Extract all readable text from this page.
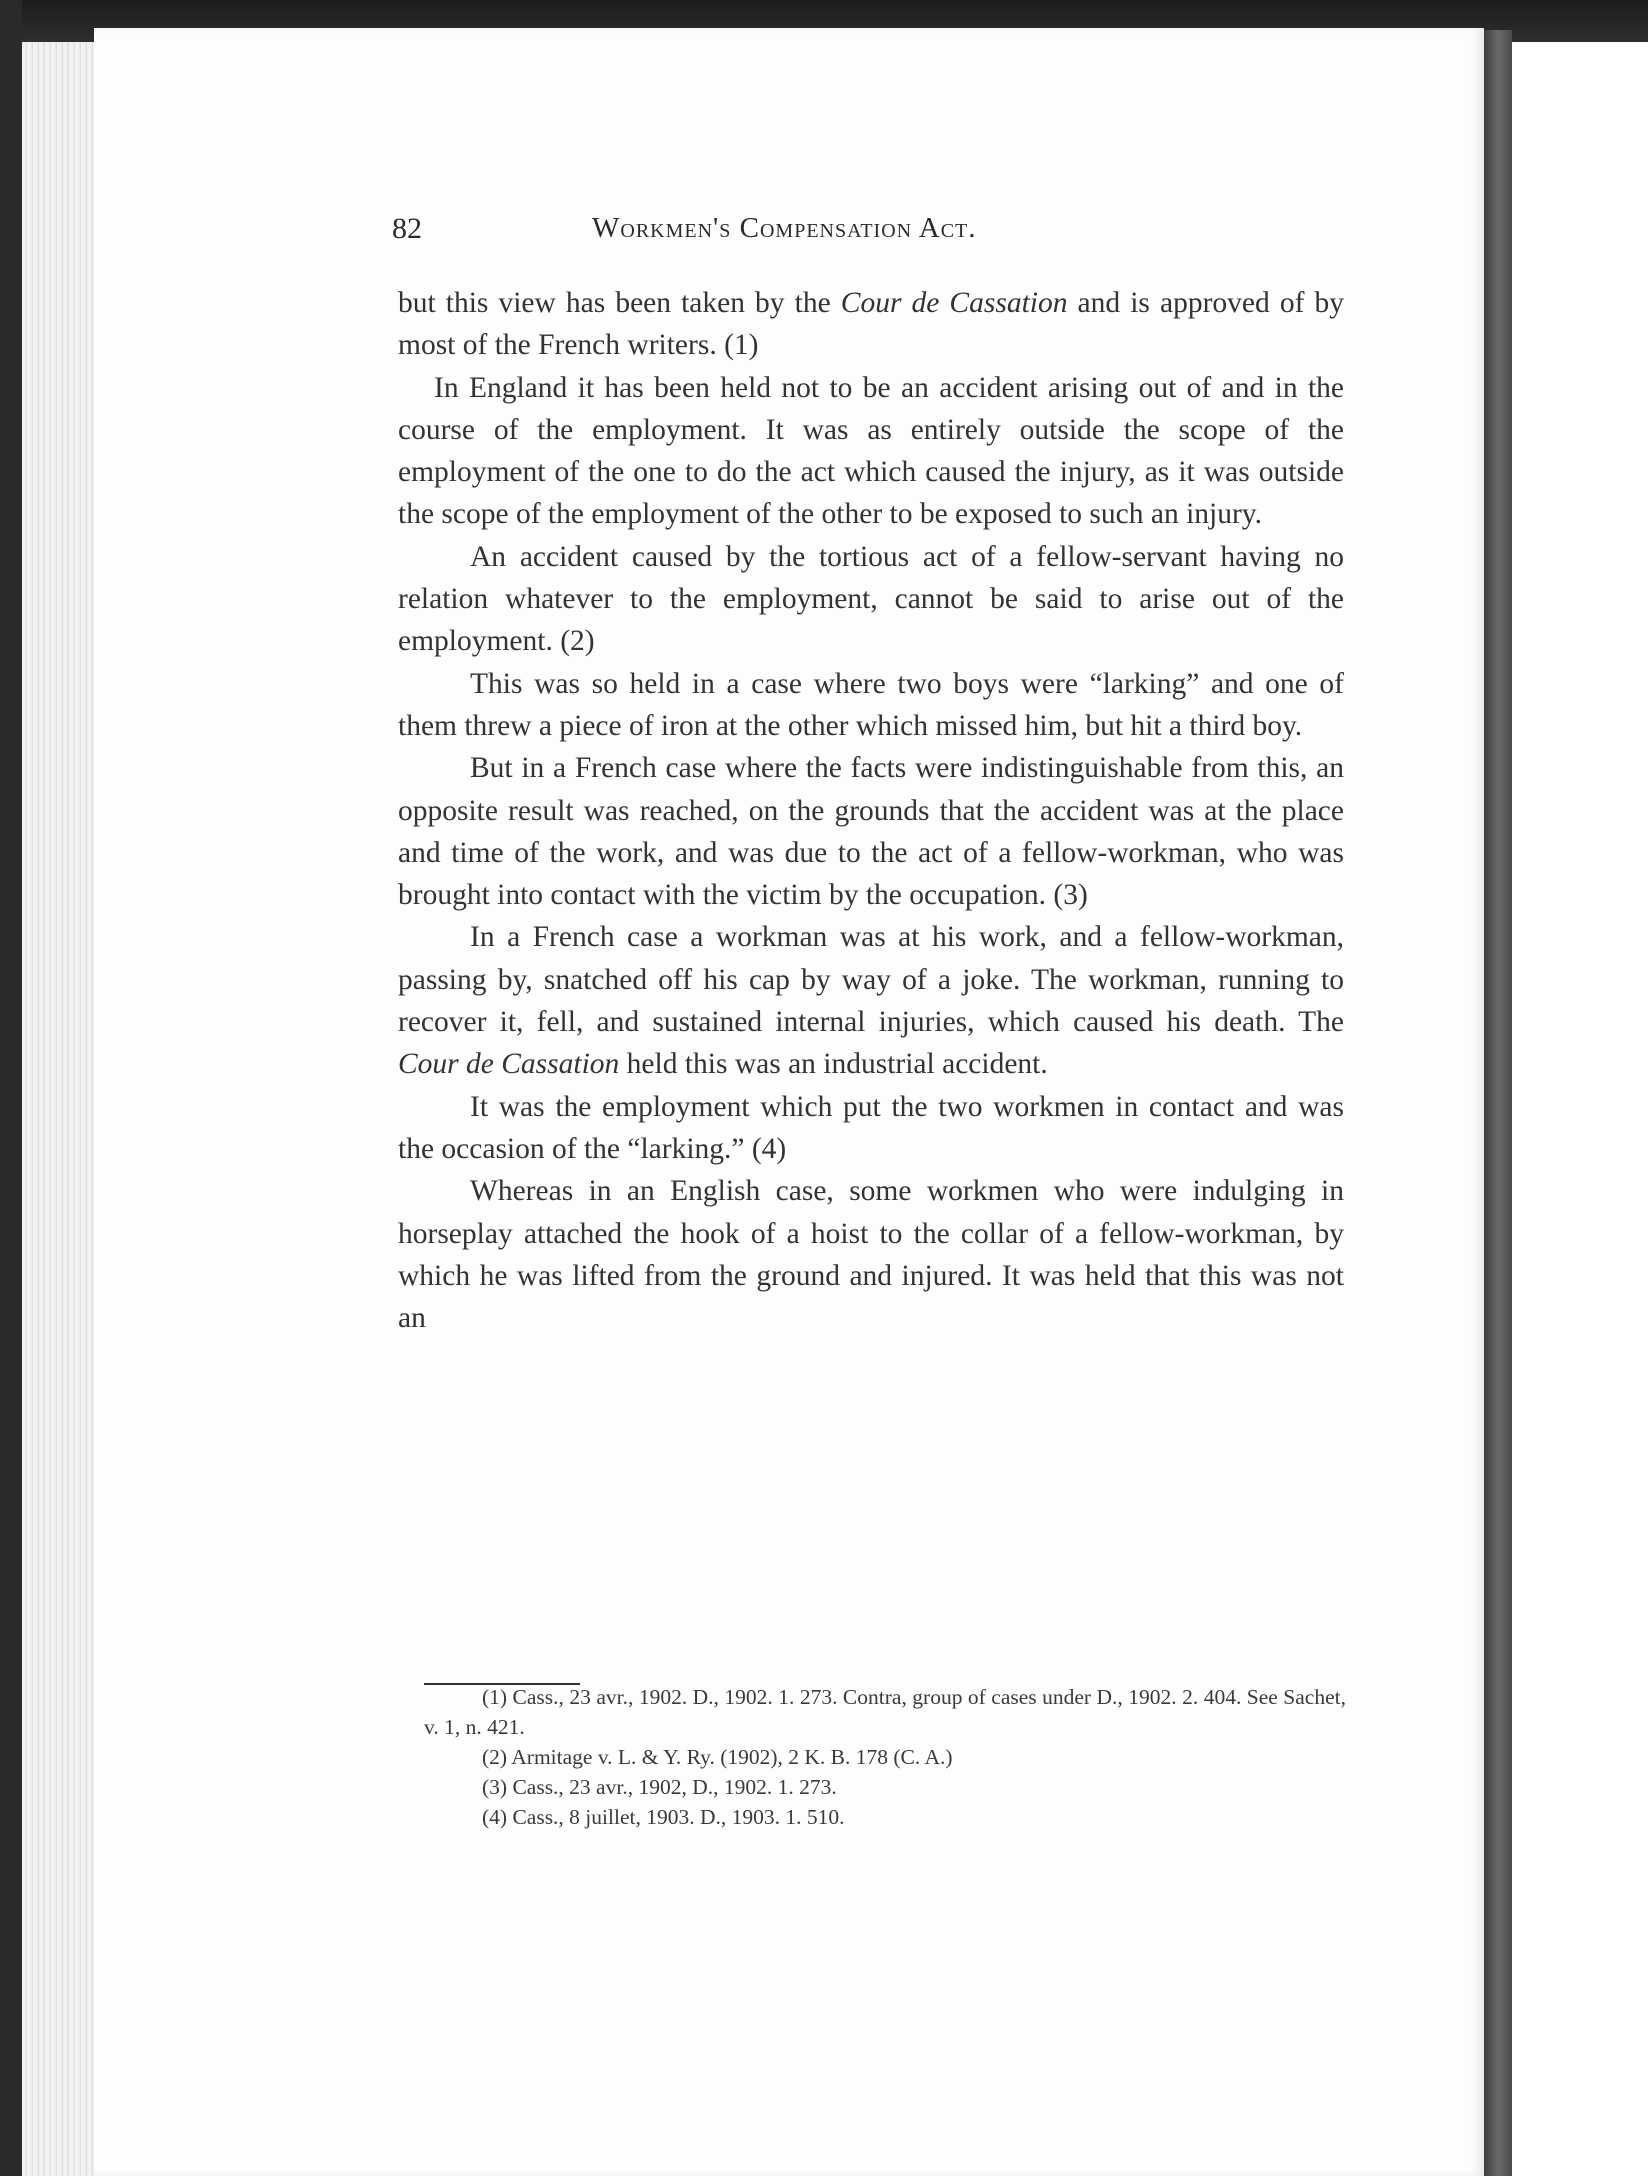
82	Workmen's Compensation Act.

but this view has been taken by the Cour de Cassation and is approved of by most of the French writers. (1)

In England it has been held not to be an accident arising out of and in the course of the employment. It was as entirely outside the scope of the employment of the one to do the act which caused the injury, as it was outside the scope of the employment of the other to be exposed to such an injury.

An accident caused by the tortious act of a fellow-servant having no relation whatever to the employment, cannot be said to arise out of the employment. (2)

This was so held in a case where two boys were “larking” and one of them threw a piece of iron at the other which missed him, but hit a third boy.

But in a French case where the facts were indistinguishable from this, an opposite result was reached, on the grounds that the accident was at the place and time of the work, and was due to the act of a fellow-workman, who was brought into contact with the victim by the occupation. (3)

In a French case a workman was at his work, and a fellow-workman, passing by, snatched off his cap by way of a joke. The workman, running to recover it, fell, and sustained internal injuries, which caused his death. The Cour de Cassation held this was an industrial accident.

It was the employment which put the two workmen in contact and was the occasion of the “larking.” (4)

Whereas in an English case, some workmen who were indulging in horseplay attached the hook of a hoist to the collar of a fellow-workman, by which he was lifted from the ground and injured. It was held that this was not an

(1) Cass., 23 avr., 1902. D., 1902. 1. 273. Contra, group of cases under D., 1902. 2. 404. See Sachet, v. 1, n. 421.

(2) Armitage v. L. & Y. Ry. (1902), 2 K. B. 178 (C. A.)

(3) Cass., 23 avr., 1902, D., 1902. 1. 273.

(4) Cass., 8 juillet, 1903. D., 1903. 1. 510.
